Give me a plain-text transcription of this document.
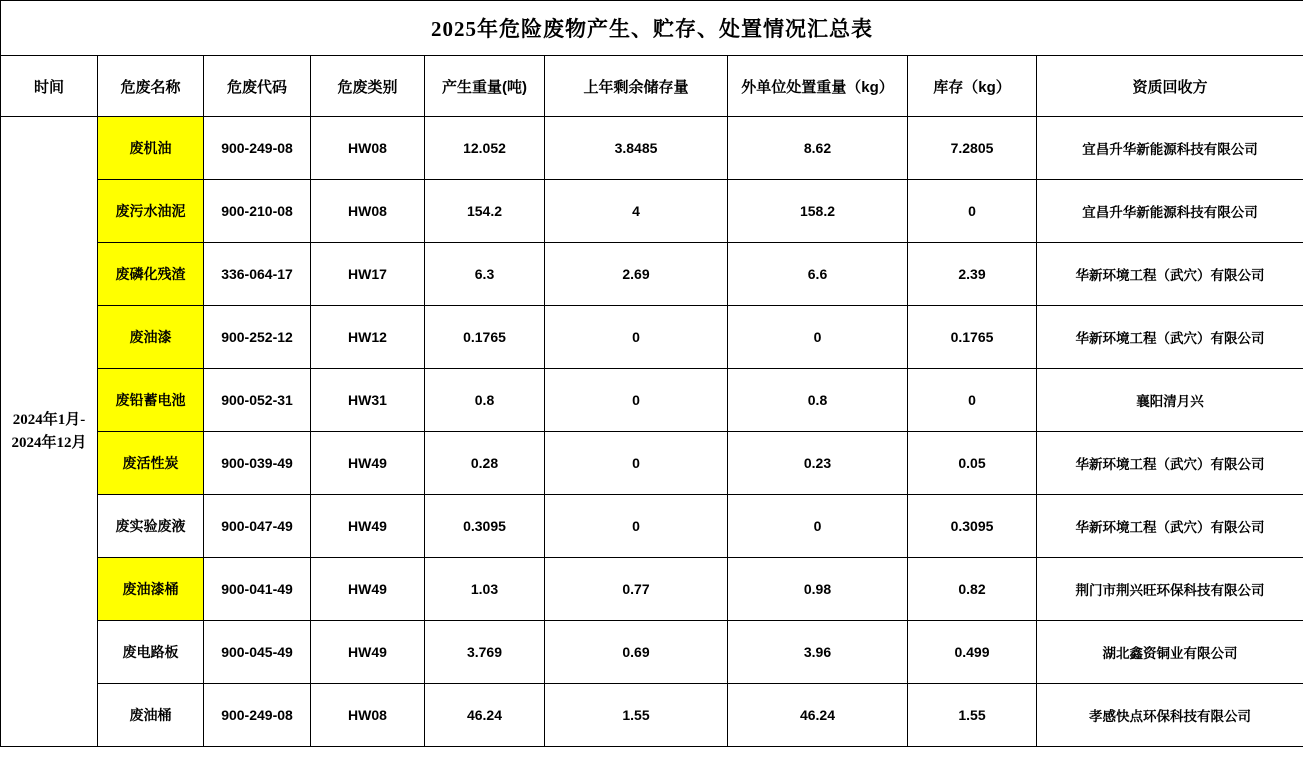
2025年危险废物产生、贮存、处置情况汇总表								
时间	危废名称	危废代码	危废类别	产生重量(吨)	上年剩余储存量	外单位处置重量（kg）	库存（kg）	资质回收方

2024年1月-
2024年12月	废机油	900-249-08	HW08	12.052	3.8485	8.62	7.2805	宜昌升华新能源科技有限公司
	废污水油泥	900-210-08	HW08	154.2	4	158.2	0	宜昌升华新能源科技有限公司
	废磷化残渣	336-064-17	HW17	6.3	2.69	6.6	2.39	华新环境工程（武穴）有限公司
	废油漆	900-252-12	HW12	0.1765	0	0	0.1765	华新环境工程（武穴）有限公司
	废铅蓄电池	900-052-31	HW31	0.8	0	0.8	0	襄阳清月兴
	废活性炭	900-039-49	HW49	0.28	0	0.23	0.05	华新环境工程（武穴）有限公司
	废实验废液	900-047-49	HW49	0.3095	0	0	0.3095	华新环境工程（武穴）有限公司
	废油漆桶	900-041-49	HW49	1.03	0.77	0.98	0.82	荆门市荆兴旺环保科技有限公司
	废电路板	900-045-49	HW49	3.769	0.69	3.96	0.499	湖北鑫资铜业有限公司
	废油桶	900-249-08	HW08	46.24	1.55	46.24	1.55	孝感快点环保科技有限公司
